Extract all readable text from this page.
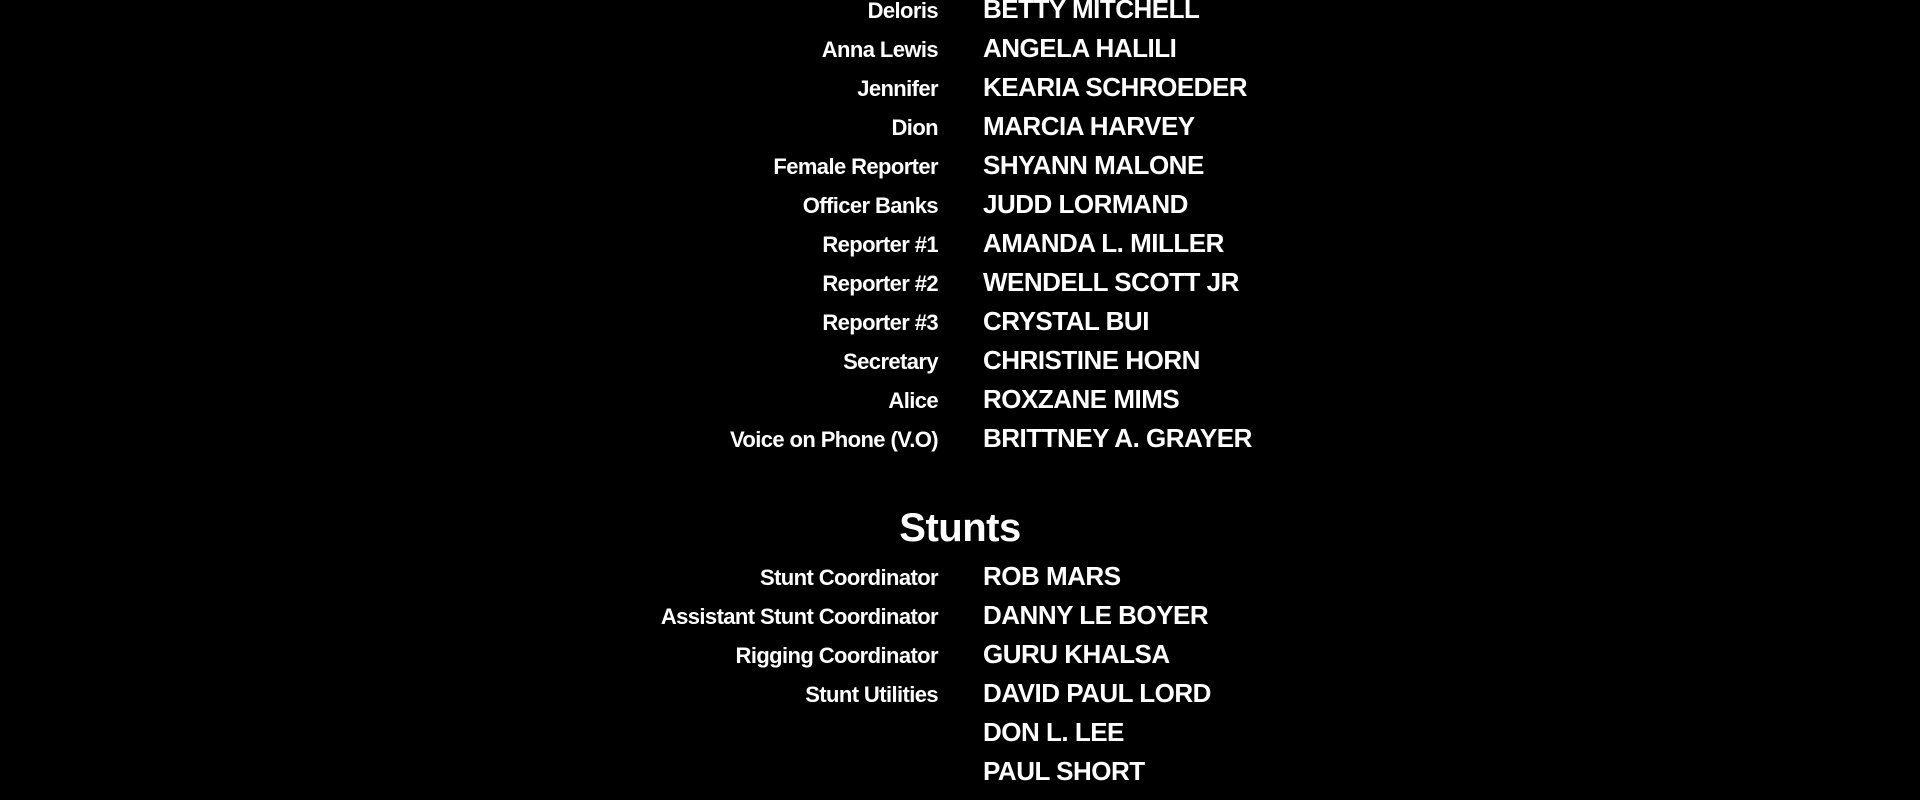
Deloris BETTY MITCHELL
Anna Lewis ANGELA HALILI
Jennifer KEARIA SCHROEDER
Dion MARCIA HARVEY
Female Reporter SHYANN MALONE
Officer Banks JUDD LORMAND
Reporter #1 AMANDA L. MILLER
Reporter #2 WENDELL SCOTT JR
Reporter #3 CRYSTAL BUI
Secretary CHRISTINE HORN
Alice ROXZANE MIMS
Voice on Phone (V.O) BRITTNEY A. GRAYER
Stunts
Stunt Coordinator ROB MARS
Assistant Stunt Coordinator DANNY LE BOYER
Rigging Coordinator GURU KHALSA
Stunt Utilities DAVID PAUL LORD
DON L. LEE
PAUL SHORT
